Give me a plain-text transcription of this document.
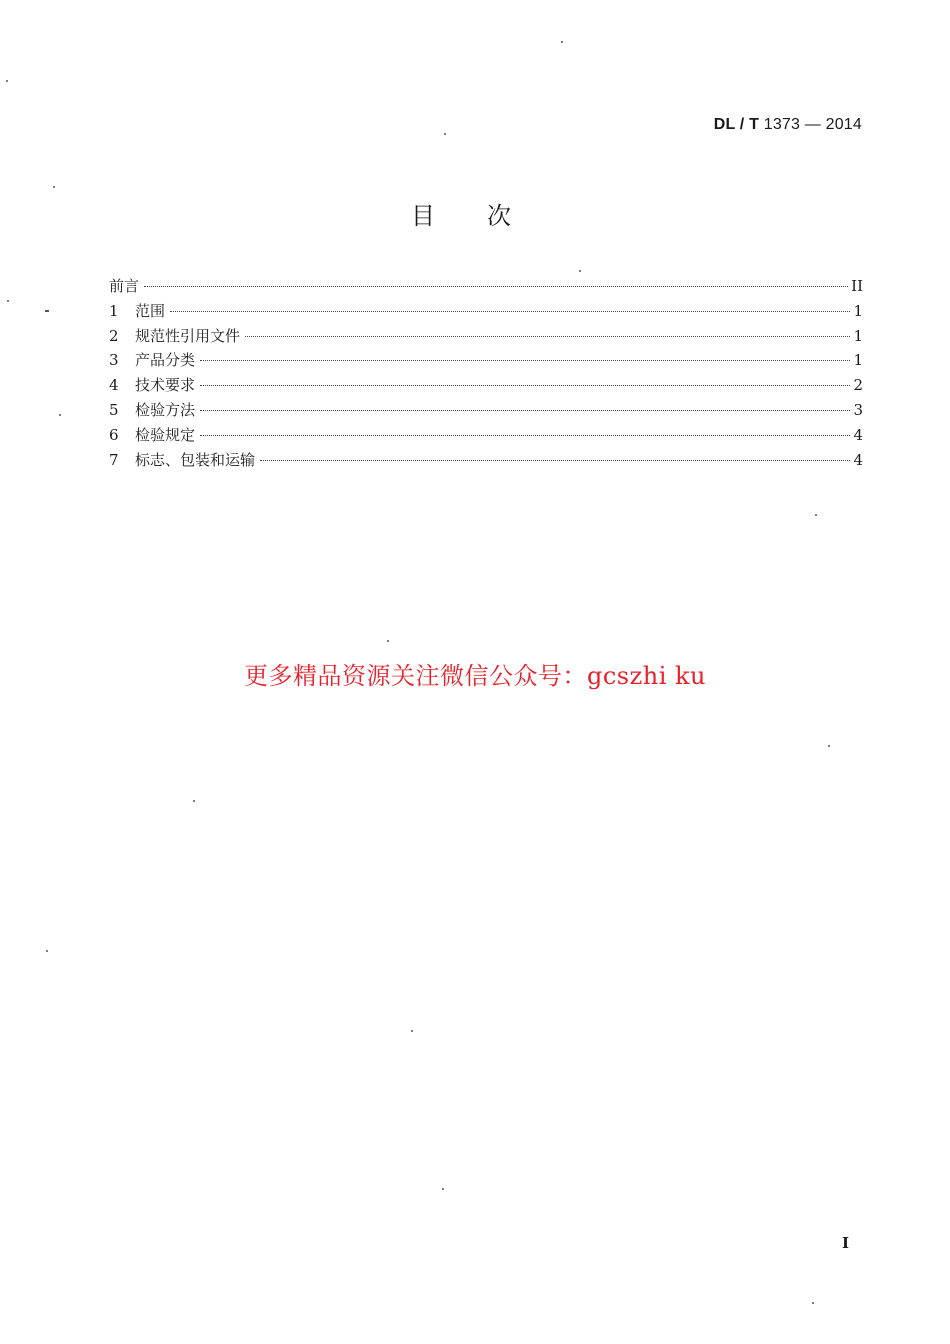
DL / T 1373 — 2014
目次
前言	II
1	范围	1
2	规范性引用文件	1
3	产品分类	1
4	技术要求	2
5	检验方法	3
6	检验规定	4
7	标志、包装和运输	4
更多精品资源关注微信公众号：gcszhi ku
I
